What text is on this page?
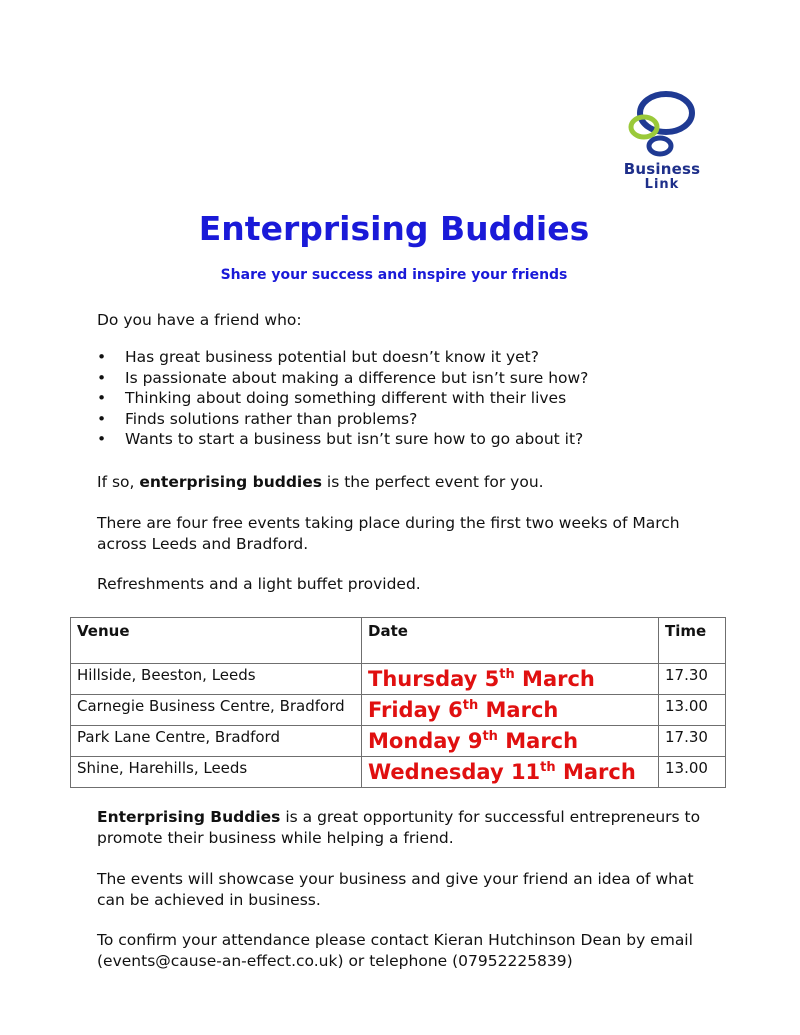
Business
Link
Enterprising Buddies
Share your success and inspire your friends

Do you have a friend who:

• Has great business potential but doesn’t know it yet?
• Is passionate about making a difference but isn’t sure how?
• Thinking about doing something different with their lives
• Finds solutions rather than problems?
• Wants to start a business but isn’t sure how to go about it?

If so, enterprising buddies is the perfect event for you.

There are four free events taking place during the first two weeks of March
across Leeds and Bradford.

Refreshments and a light buffet provided.

Venue	Date	Time
Hillside, Beeston, Leeds	Thursday 5th March	17.30
Carnegie Business Centre, Bradford	Friday 6th March	13.00
Park Lane Centre, Bradford	Monday 9th March	17.30
Shine, Harehills, Leeds	Wednesday 11th March	13.00

Enterprising Buddies is a great opportunity for successful entrepreneurs to
promote their business while helping a friend.

The events will showcase your business and give your friend an idea of what
can be achieved in business.

To confirm your attendance please contact Kieran Hutchinson Dean by email
(events@cause-an-effect.co.uk) or telephone (07952225839)
